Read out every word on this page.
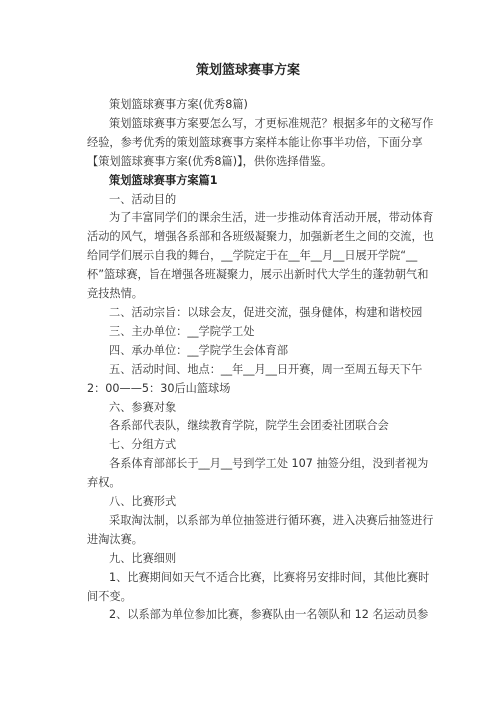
策划篮球赛事方案

策划篮球赛事方案(优秀8篇)

策划篮球赛事方案要怎么写，才更标准规范？根据多年的文秘写作经验，参考优秀的策划篮球赛事方案样本能让你事半功倍，下面分享【策划篮球赛事方案(优秀8篇)】，供你选择借鉴。

策划篮球赛事方案篇1

一、活动目的

为了丰富同学们的课余生活，进一步推动体育活动开展，带动体育活动的风气，增强各系部和各班级凝聚力，加强新老生之间的交流，也给同学们展示自我的舞台，__学院定于在__年__月__日展开学院“__杯”篮球赛，旨在增强各班凝聚力，展示出新时代大学生的蓬勃朝气和竞技热情。

二、活动宗旨：以球会友，促进交流，强身健体，构建和谐校园

三、主办单位：__学院学工处

四、承办单位：__学院学生会体育部

五、活动时间、地点：__年__月__日开赛，周一至周五每天下午 2：00——5：30后山篮球场

六、参赛对象

各系部代表队，继续教育学院，院学生会团委社团联合会

七、分组方式

各系体育部部长于__月__号到学工处 107 抽签分组，没到者视为弃权。

八、比赛形式

采取淘汰制，以系部为单位抽签进行循环赛，进入决赛后抽签进行进淘汰赛。

九、比赛细则

1、比赛期间如天气不适合比赛，比赛将另安排时间，其他比赛时间不变。

2、以系部为单位参加比赛，参赛队由一名领队和 12 名运动员参
